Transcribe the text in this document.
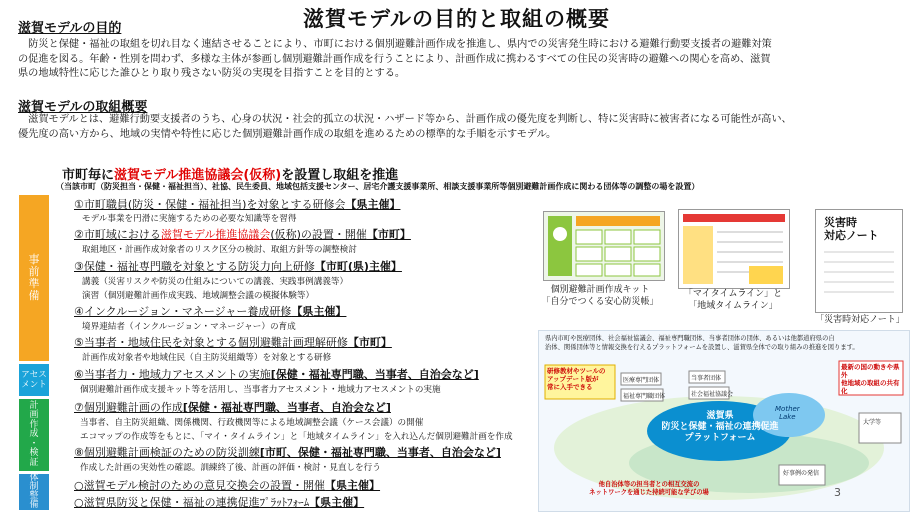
滋賀モデルの目的と取組の概要
滋賀モデルの目的
　防災と保健・福祉の取組を切れ目なく連結させることにより、市町における個別避難計画作成を推進し、県内での災害発生時における避難行動要支援者の避難対策
の促進を図る。年齢・性別を問わず、多様な主体が参画し個別避難計画作成を行うことにより、計画作成に携わるすべての住民の災害時の避難への関心を高め、滋賀
県の地域特性に応じた誰ひとり取り残さない防災の実現を目指すことを目的とする。
滋賀モデルの取組概要
　滋賀モデルとは、避難行動要支援者のうち、心身の状況・社会的孤立の状況・ハザード等から、計画作成の優先度を判断し、特に災害時に被害者になる可能性が高い、
優先度の高い方から、地域の実情や特性に応じた個別避難計画作成の取組を進めるための標準的な手順を示すモデル。
市町毎に滋賀モデル推進協議会(仮称)を設置し取組を推進
（当該市町（防災担当・保健・福祉担当）、社協、民生委員、地域包括支援センター、居宅介護支援事業所、相談支援事業所等個別避難計画作成に関わる団体等の調整の場を設置）
事
前
準
備
アセス
メント
計
画
作
成
・
検
証
体
制
整
備
①市町職員(防災・保健・福祉担当)を対象とする研修会【県主催】
モデル事業を円滑に実施するための必要な知識等を習得
②市町域における滋賀モデル推進協議会(仮称)の設置・開催【市町】
取組地区・計画作成対象者のリスク区分の検討、取組方針等の調整検討
③保健・福祉専門職を対象とする防災力向上研修【市町(県)主催】
講義（災害リスクや防災の仕組みについての講義、実践事例講義等）
演習（個別避難計画作成実践、地域調整会議の模擬体験等）
④インクルージョン・マネージャー養成研修【県主催】
境界連結者（インクルージョン・マネージャー）の育成
⑤当事者・地域住民を対象とする個別避難計画理解研修【市町】
計画作成対象者や地域住民（自主防災組織等）を対象とする研修
⑥当事者力・地域力アセスメントの実施[保健・福祉専門職、当事者、自治会など]
個別避難計画作成支援キット等を活用し、当事者力アセスメント・地域力アセスメントの実施
⑦個別避難計画の作成[保健・福祉専門職、当事者、自治会など]
当事者、自主防災組織、関係機関、行政機関等による地域調整会議（ケース会議）の開催
エコマップの作成等をもとに、「マイ・タイムライン」と「地域タイムライン」を入れ込んだ個別避難計画を作成
⑧個別避難計画検証のための防災訓練[市町、保健・福祉専門職、当事者、自治会など]
作成した計画の実効性の確認。訓練終了後、計画の評価・検討・見直しを行う
○滋賀モデル検討のための意見交換会の設置・開催【県主催】
○滋賀県防災と保健・福祉の連携促進ﾌﾟﾗｯﾄﾌｫｰﾑ【県主催】
個別避難計画作成キット
「自分でつくる安心防災帳」
「マイタイムライン」と
「地域タイムライン」
災害時
対応ノート
「災害時対応ノート」
県内市町や医療団体、社会福祉協議会、福祉専門職団体、当事者団体の団体、あるいは他都道府県の自
治体、関係団体等と情報交換を行えるプラットフォームを設置し、滋賀県全体での取り組みの推進を図ります。
研修教材やツールの
アップデート版が
常に入手できる
最新の国の動きや県外
他地域の取組の共有化
医療専門団体	当事者団体
福祉専門職団体	社会福祉協議会
滋賀県
防災と保健・福祉の連携促進
プラットフォーム
Mother
Lake
大学等
好事例の発信
他自治体等の担当者との相互交流の
ネットワークを通じた持続可能な学びの場	3
